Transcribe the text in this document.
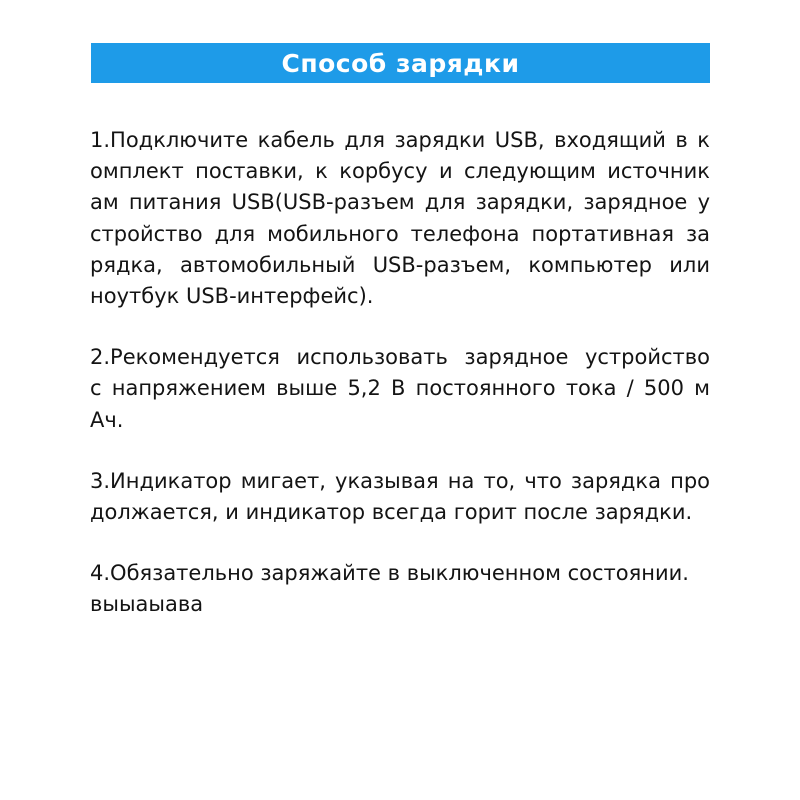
Способ зарядки

1.Подключите кабель для зарядки USB, входящий в к
омплект поставки, к корбусу и следующим источник
ам питания USB(USB-разъем для зарядки, зарядное у
стройство для мобильного телефона портативная за
рядка, автомобильный USB-разъем, компьютер или
ноутбук USB-интерфейс).

2.Рекомендуется использовать зарядное устройство
с напряжением выше 5,2 В постоянного тока / 500 м
Ач.

3.Индикатор мигает, указывая на то, что зарядка про
должается, и индикатор всегда горит после зарядки.

4.Обязательно заряжайте в выключенном состоянии.
выыаыава
